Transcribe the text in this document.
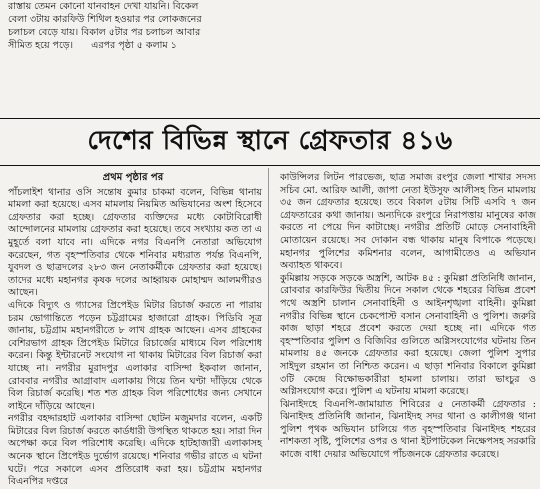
রাস্তায় তেমন কোনো যানবাহন দেখা যায়নি। বিকেল

বেলা ৩টায় কারফিউ শিথিল হওয়ার পর লোকজনের

চলাচল বেড়ে যায়। বিকাল ৫টার পর চলাচল আবার

সীমিত হয়ে পড়ে। এরপর পৃষ্ঠা ৫ কলাম ১

দেশের বিভিন্ন স্থানে গ্রেফতার ৪১৬

প্রথম পৃষ্ঠার পর

পাঁচলাইশ থানার ওসি সন্তোষ কুমার চাকমা বলেন, বিভিন্ন থানায় মামলা করা হয়েছে। এসব মামলায় নিয়মিত অভিযানের অংশ হিসেবে গ্রেফতার করা হচ্ছে। গ্রেফতার ব্যক্তিদের মধ্যে কোটাবিরোধী আন্দোলনের মামলায় গ্রেফতার করা হয়েছে। তবে সংখ্যায় কত তা এ মুহূর্তে বলা যাবে না। এদিকে নগর বিএনপি নেতারা অভিযোগ করেছেন, গত বৃহস্পতিবার থেকে শনিবার মধ্যরাত পর্যন্ত বিএনপি, যুবদল ও ছাত্রদলের ২৮৩ জন নেতাকর্মীকে গ্রেফতার করা হয়েছে। তাদের মধ্যে মহানগর কৃষক দলের আহ্বায়ক মোহাম্মদ আলমগীরও আছেন।

এদিকে বিদ্যুৎ ও গ্যাসের প্রিপেইড মিটার রিচার্জ করতে না পারায় চরম ভোগান্তিতে পড়েন চট্টগ্রামের হাজারো গ্রাহক। পিডিবি সূত্র জানায়, চট্টগ্রাম মহানগরীতে ৮ লাখ গ্রাহক আছেন। এসব গ্রাহকের বেশিরভাগ গ্রাহক প্রিপেইড মিটারে রিচার্জের মাধ্যমে বিল পরিশোধ করেন। কিন্তু ইন্টারনেট সংযোগ না থাকায় মিটারের বিল রিচার্জ করা যাচ্ছে না। নগরীর মুরাদপুর এলাকার বাসিন্দা ইকবাল জানান, রোববার নগরীর আগ্রাবাদ এলাকায় গিয়ে তিন ঘণ্টা দাঁড়িয়ে থেকে বিল রিচার্জ করেছি। শত শত গ্রাহক বিল পরিশোধের জন্য সেখানে লাইনে দাঁড়িয়ে আছেন।

নগরীর বহদ্দারহাট এলাকার বাসিন্দা ছোটন মজুমদার বলেন, একটি মিটারের বিল রিচার্জ করতে কার্ডধারী উপস্থিত থাকতে হয়। সারা দিন অপেক্ষা করে বিল পরিশোধ করেছি। এদিকে হাটহাজারী এলাকাসহ অনেক স্থানে প্রিপেইড দুর্ভোগ রয়েছে। শনিবার গভীর রাতে এ ঘটনা ঘটে। পরে সকালে এসব প্রতিরোধ করা হয়। চট্টগ্রাম মহানগর বিএনপির দপ্তরে

কাউন্সিলর লিটন পারভেজ, ছাত্র সমাজ রংপুর জেলা শাখার সদস্য সচিব মো. আরিফ আলী, জাপা নেতা ইউসুফ আলীসহ তিন মামলায় ৩৫ জন গ্রেফতার হয়েছে। তবে বিকাল ৫টায় সিটি এসবি ৭ জন গ্রেফতারের কথা জানায়। অন্যদিকে রংপুরে নিরাপত্তায় মানুষের কাজ করতে না পেয়ে দিন কাটাচ্ছে। নগরীর প্রতিটি মোড়ে সেনাবাহিনী মোতায়েন রয়েছে। সব দোকান বন্ধ থাকায় মানুষ বিপাকে পড়েছে। মহানগর পুলিশের কমিশনার বলেন, আগামীতেও এ অভিযান অব্যাহত থাকবে।

কুমিল্লায় সড়কে সড়কে অস্ত্রশি, আটক ৪৫ : কুমিল্লা প্রতিনিধি জানান, রোববার কারফিউর দ্বিতীয় দিনে সকাল থেকে শহরের বিভিন্ন প্রবেশ পথে অস্ত্রশি চালান সেনাবাহিনী ও আইনশৃঙ্খলা বাহিনী। কুমিল্লা নগরীর বিভিন্ন স্থানে চেকপোস্ট বসান সেনাবাহিনী ও পুলিশ। জরুরি কাজ ছাড়া শহরে প্রবেশ করতে দেয়া হচ্ছে না। এদিকে গত বৃহস্পতিবার পুলিশ ও বিজিবির গুলিতে অগ্নিসংযোগের ঘটনায় তিন মামলায় ৪৫ জনকে গ্রেফতার করা হয়েছে। জেলা পুলিশ সুপার সাইদুল রহমান তা নিশ্চিত করেন। এ ছাড়া শনিবার বিকালে কুমিল্লা ৩টি কেন্দ্রে বিক্ষোভকারীরা হামলা চালায়। তারা ভাংচুর ও অগ্নিসংযোগ করে। পুলিশ এ ঘটনায় মামলা করেছে।

ঝিনাইদহে বিএনপি-জামায়াত শিবিরের ৫ নেতাকর্মী গ্রেফতার : ঝিনাইদহ প্রতিনিধি জানান, ঝিনাইদহ সদর থানা ও কালীগঞ্জ থানা পুলিশ পৃথক অভিযান চালিয়ে গত বৃহস্পতিবার ঝিনাইদহ শহরের নাশকতা সৃষ্টি, পুলিশের ওপর ও থানা ইটপাটকেল নিক্ষেপসহ সরকারি কাজে বাধা দেয়ার অভিযোগে পাঁচজনকে গ্রেফতার করেছে।
